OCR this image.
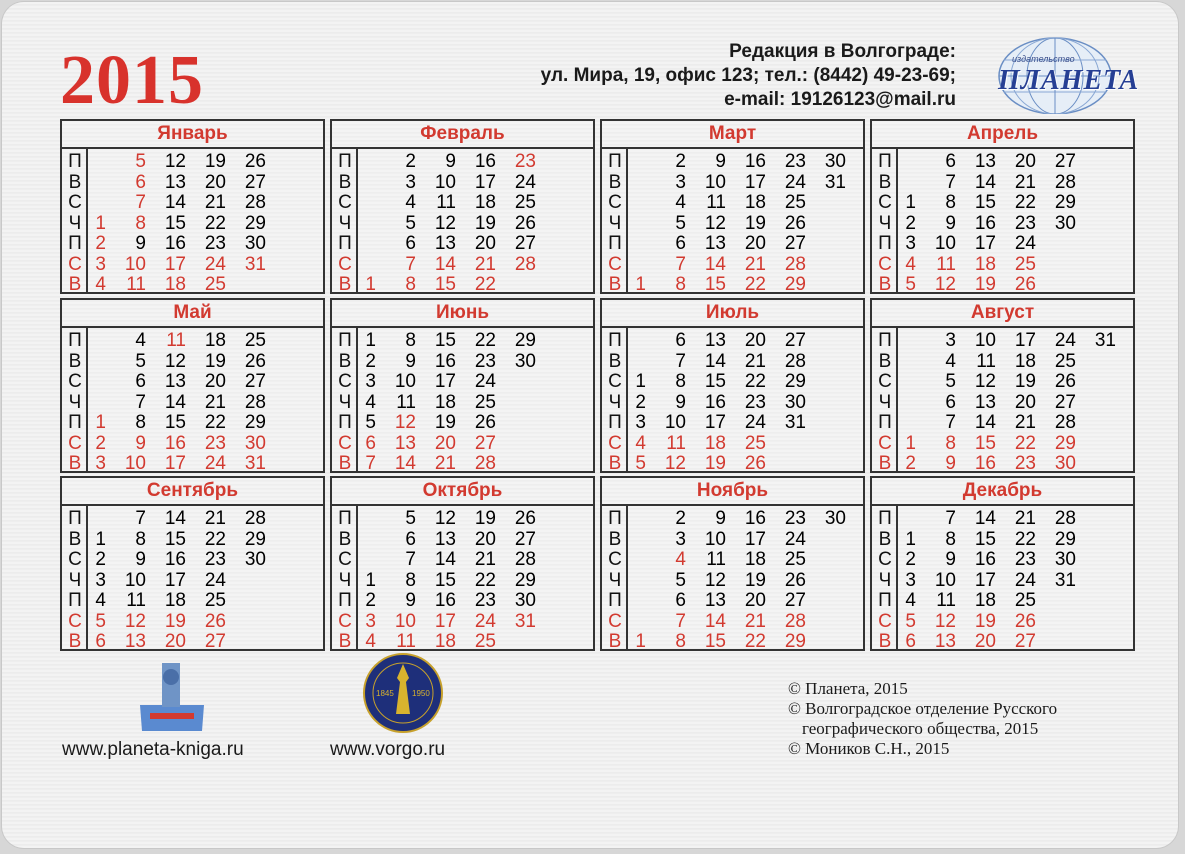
2015	Редакция в Волгограде:
ул. Мира, 19, офис 123; тел.: (8442) 49-23-69;
e-mail: 19126123@mail.ru
издательство
ПЛАНЕТА
Январь
П
В
С
Ч
П
С
В
1
2
3
4
5
6
7
8
9
10
11
12
13
14
15
16
17
18
19
20
21
22
23
24
25
26
27
28
29
30
31
Февраль
П
В
С
Ч
П
С
В 1
2
3
4
5
6
7
8
9
10
11
12
13
14
15
16
17
18
19
20
21
22
23
24
25
26
27
28
Март
П
В
С
Ч
П
С
В 1
2
3
4
5
6
7
8
9
10
11
12
13
14
15
16
17
18
19
20
21
22
23
24
25
26
27
28
29
30
31
Апрель
П
В
С
Ч
П
С
В
1
2
3
4
5
6
7
8
9
10
11
12
13
14
15
16
17
18
19
20
21
22
23
24
25
26
27
28
29
30
Май
П
В
С
Ч
П
С
В
1
2
3
4
5
6
7
8
9
10
11
12
13
14
15
16
17
18
19
20
21
22
23
24
25
26
27
28
29
30
31
Июнь
П
В
С
Ч
П
С
В
1
2
3
4
5
6
7
8
9
10
11
12
13
14
15
16
17
18
19
20
21
22
23
24
25
26
27
28
29
30
Июль
П
В
С
Ч
П
С
В
1
2
3
4
5
6
7
8
9
10
11
12
13
14
15
16
17
18
19
20
21
22
23
24
25
26
27
28
29
30
31
Август
П
В
С
Ч
П
С
В
1
2
3
4
5
6
7
8
9
10
11
12
13
14
15
16
17
18
19
20
21
22
23
24
25
26
27
28
29
30
31
Сентябрь
П
В
С
Ч
П
С
В
1
2
3
4
5
6
7
8
9
10
11
12
13
14
15
16
17
18
19
20
21
22
23
24
25
26
27
28
29
30
Октябрь
П
В
С
Ч
П
С
В
1
2
3
4
5
6
7
8
9
10
11
12
13
14
15
16
17
18
19
20
21
22
23
24
25
26
27
28
29
30
31
Ноябрь
П
В
С
Ч
П
С
В 1
2
3
4
5
6
7
8
9
10
11
12
13
14
15
16
17
18
19
20
21
22
23
24
25
26
27
28
29
30
Декабрь
П
В
С
Ч
П
С
В
1
2
3
4
5
6
7
8
9
10
11
12
13
14
15
16
17
18
19
20
21
22
23
24
25
26
27
28
29
30
31
1845 1950
www.planeta-kniga.ru	www.vorgo.ru
© Планета, 2015
© Волгоградское отделение Русского
географического общества, 2015
© Моников С.Н., 2015
